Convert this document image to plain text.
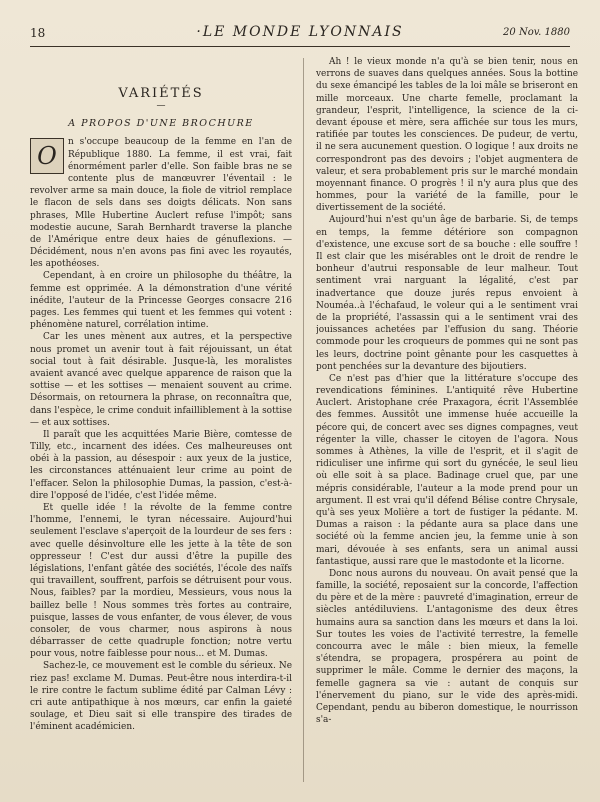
18	·LE MONDE LYONNAIS	20 Nov. 1880
VARIÉTÉS
—
A PROPOS D'UNE BROCHURE

O	n s'occupe beaucoup de la femme en l'an de République 1880. La femme, il est vrai, fait énormément parler d'elle. Son faible bras ne se contente plus de manœuvrer l'éventail : le revolver arme sa main douce, la fiole de vitriol remplace le flacon de sels dans ses doigts délicats. Non sans phrases, Mlle Hubertine Auclert refuse l'impôt; sans modestie aucune, Sarah Bernhardt traverse la planche de l'Amérique entre deux haies de génuflexions. — Décidément, nous n'en avons pas fini avec les royautés, les apothéoses.

Cependant, à en croire un philosophe du théâtre, la femme est opprimée. A la démonstration d'une vérité inédite, l'auteur de la Princesse Georges consacre 216 pages. Les femmes qui tuent et les femmes qui votent : phénomène naturel, corrélation intime.

Car les unes mènent aux autres, et la perspective nous promet un avenir tout à fait réjouissant, un état social tout à fait désirable. Jusque-là, les moralistes avaient avancé avec quelque apparence de raison que la sottise — et les sottises — menaient souvent au crime. Désormais, on retournera la phrase, on reconnaîtra que, dans l'espèce, le crime conduit infailliblement à la sottise — et aux sottises.

Il paraît que les acquittées Marie Bière, comtesse de Tilly, etc., incarnent des idées. Ces malheureuses ont obéi à la passion, au désespoir : aux yeux de la justice, les circonstances atténuaient leur crime au point de l'effacer. Selon la philosophie Dumas, la passion, c'est-à-dire l'opposé de l'idée, c'est l'idée même.

Et quelle idée ! la révolte de la femme contre l'homme, l'ennemi, le tyran nécessaire. Aujourd'hui seulement l'esclave s'aperçoit de la lourdeur de ses fers : avec quelle désinvolture elle les jette à la tête de son oppresseur ! C'est dur aussi d'être la pupille des législations, l'enfant gâtée des sociétés, l'école des naïfs qui travaillent, souffrent, parfois se détruisent pour vous. Nous, faibles? par la mordieu, Messieurs, vous nous la baillez belle ! Nous sommes très fortes au contraire, puisque, lasses de vous enfanter, de vous élever, de vous consoler, de vous charmer, nous aspirons à nous débarrasser de cette quadruple fonction; notre vertu pour vous, notre faiblesse pour nous... et M. Dumas.

Sachez-le, ce mouvement est le comble du sérieux. Ne riez pas! exclame M. Dumas. Peut-être nous interdira-t-il le rire contre le factum sublime édité par Calman Lévy : cri aute antipathique à nos mœurs, car enfin la gaieté soulage, et Dieu sait si elle transpire des tirades de l'éminent académicien.

Ah ! le vieux monde n'a qu'à se bien tenir, nous en verrons de suaves dans quelques années. Sous la bottine du sexe émancipé les tables de la loi mâle se briseront en mille morceaux. Une charte femelle, proclamant la grandeur, l'esprit, l'intelligence, la science de la ci-devant épouse et mère, sera affichée sur tous les murs, ratifiée par toutes les consciences. De pudeur, de vertu, il ne sera aucunement question. O logique ! aux droits ne correspondront pas des devoirs ; l'objet augmentera de valeur, et sera probablement pris sur le marché mondain moyennant finance. O progrès ! il n'y aura plus que des hommes, pour la variété de la famille, pour le divertissement de la société.

Aujourd'hui n'est qu'un âge de barbarie. Si, de temps en temps, la femme détériore son compagnon d'existence, une excuse sort de sa bouche : elle souffre ! Il est clair que les misérables ont le droit de rendre le bonheur d'autrui responsable de leur malheur. Tout sentiment vrai narguant la légalité, c'est par inadvertance que douze jurés repus envoient à Nouméa..à l'échafaud, le voleur qui a le sentiment vrai de la propriété, l'assassin qui a le sentiment vrai des jouissances achetées par l'effusion du sang. Théorie commode pour les croqueurs de pommes qui ne sont pas les leurs, doctrine point gênante pour les casquettes à pont penchées sur la devanture des bijoutiers.

Ce n'est pas d'hier que la littérature s'occupe des revendications féminines. L'antiquité rêve Hubertine Auclert. Aristophane crée Praxagora, écrit l'Assemblée des femmes. Aussitôt une immense huée accueille la pécore qui, de concert avec ses dignes compagnes, veut régenter la ville, chasser le citoyen de l'agora. Nous sommes à Athènes, la ville de l'esprit, et il s'agit de ridiculiser une infirme qui sort du gynécée, le seul lieu où elle soit à sa place. Badinage cruel que, par une mépris considérable, l'auteur a la mode prend pour un argument. Il est vrai qu'il défend Bélise contre Chrysale, qu'à ses yeux Molière a tort de fustiger la pédante. M. Dumas a raison : la pédante aura sa place dans une société où la femme ancien jeu, la femme unie à son mari, dévouée à ses enfants, sera un animal aussi fantastique, aussi rare que le mastodonte et la licorne.

Donc nous aurons du nouveau. On avait pensé que la famille, la société, reposaient sur la concorde, l'affection du père et de la mère : pauvreté d'imagination, erreur de siècles antédiluviens. L'antagonisme des deux êtres humains aura sa sanction dans les mœurs et dans la loi. Sur toutes les voies de l'activité terrestre, la femelle concourra avec le mâle : bien mieux, la femelle s'étendra, se propagera, prospérera au point de supprimer le mâle. Comme le dernier des maçons, la femelle gagnera sa vie : autant de conquis sur l'énervement du piano, sur le vide des après-midi. Cependant, pendu au biberon domestique, le nourrisson s'a-
